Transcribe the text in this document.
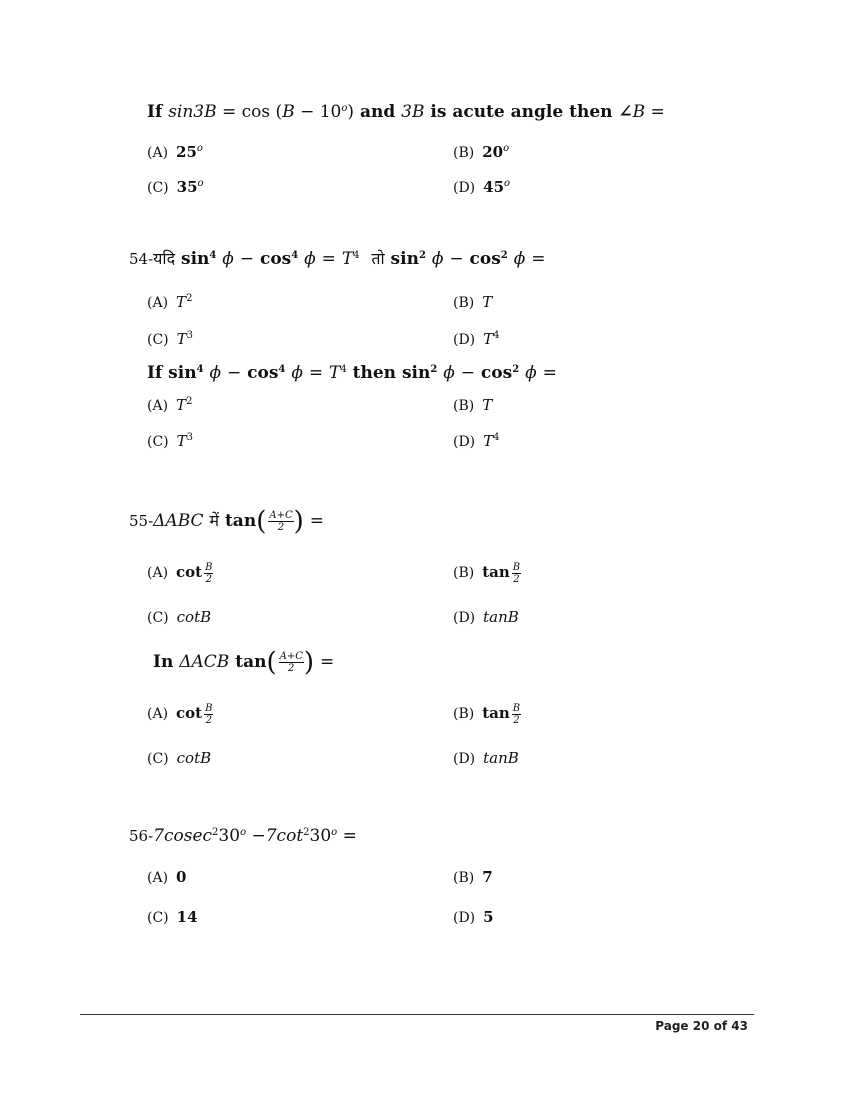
If $\sin 3B = \cos (B - 10^o)$ and 3B is acute angle then ∠B =
(A) 25$^o$	(B) 20$^o$
(C) 35$^o$	(D) 45$^o$
54-यदि $\sin^4 \phi - \cos^4 \phi = T^4$ तो $\sin^2 \phi - \cos^2 \phi$ =
(A) $T^2$	(B) T
(C) $T^3$	(D) $T^4$
If $\sin^4 \phi - \cos^4 \phi = T^4$ then $\sin^2 \phi - \cos^2 \phi$ =
(A) $T^2$	(B) T
(C) $T^3$	(D) $T^4$
55-ΔABC में $\tan( \frac{A+C}{2}$ ) =
(A) $\cot \frac{B}{2}$	(B) $\tan \frac{B}{2}$
(C) cotB	(D) tanB
In ΔACB $\tan( \frac{A+C}{2}$ ) =
(A) $\cot \frac{B}{2}$	(B) $\tan \frac{B}{2}$
(C) cotB	(D) tanB
$56-7cosec^230^o -7\cot^230^o$ =
(A) 0	(B) 7
(C) 14	(D) 5
Page 20 of 43
